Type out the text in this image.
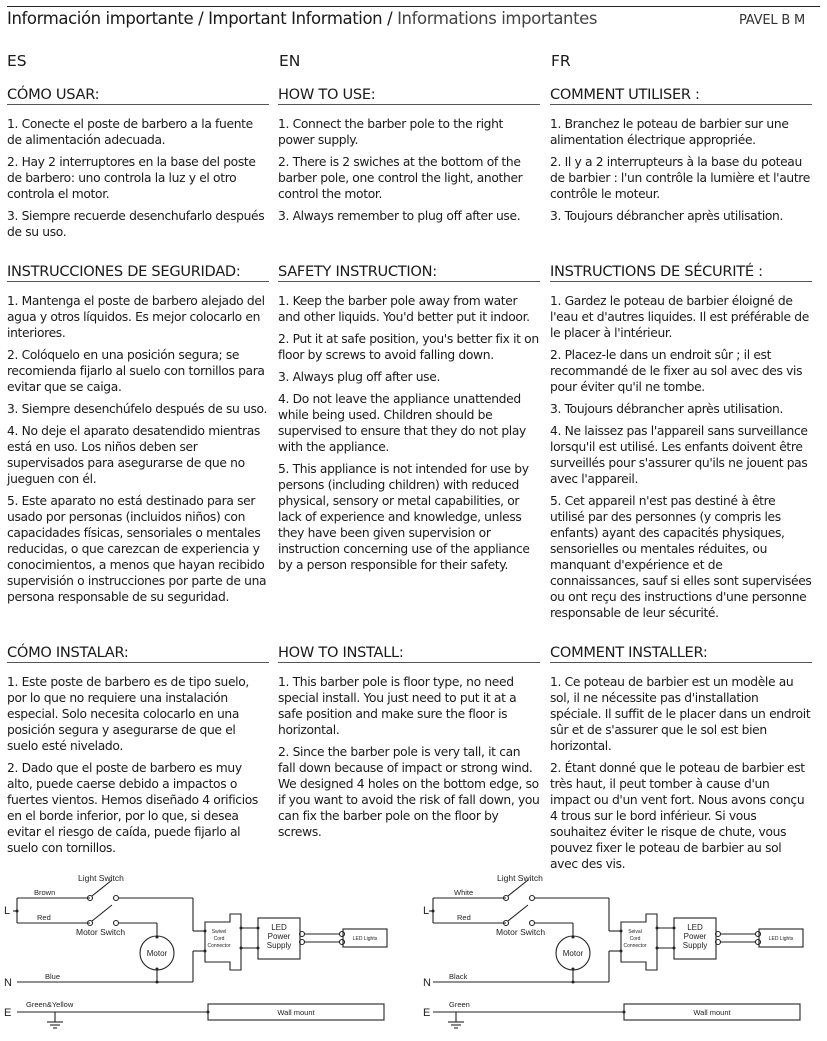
Información importante / Important Information / Informations importantes	PAVEL B M
ES	EN	FR
CÓMO USAR:

1. Conecte el poste de barbero a la fuente de alimentación adecuada.

2. Hay 2 interruptores en la base del poste de barbero: uno controla la luz y el otro controla el motor.

3. Siempre recuerde desenchufarlo después de su uso.

INSTRUCCIONES DE SEGURIDAD:

1. Mantenga el poste de barbero alejado del agua y otros líquidos. Es mejor colocarlo en interiores.

2. Colóquelo en una posición segura; se recomienda fijarlo al suelo con tornillos para evitar que se caiga.

3. Siempre desenchúfelo después de su uso.

4. No deje el aparato desatendido mientras está en uso. Los niños deben ser supervisados para asegurarse de que no jueguen con él.

5. Este aparato no está destinado para ser usado por personas (incluidos niños) con capacidades físicas, sensoriales o mentales reducidas, o que carezcan de experiencia y conocimientos, a menos que hayan recibido supervisión o instrucciones por parte de una persona responsable de su seguridad.

CÓMO INSTALAR:

1. Este poste de barbero es de tipo suelo, por lo que no requiere una instalación especial. Solo necesita colocarlo en una posición segura y asegurarse de que el suelo esté nivelado.

2. Dado que el poste de barbero es muy alto, puede caerse debido a impactos o fuertes vientos. Hemos diseñado 4 orificios en el borde inferior, por lo que, si desea evitar el riesgo de caída, puede fijarlo al suelo con tornillos.

HOW TO USE:

1. Connect the barber pole to the right power supply.

2. There is 2 swiches at the bottom of the barber pole, one control the light, another control the motor.

3. Always remember to plug off after use.

SAFETY INSTRUCTION:

1. Keep the barber pole away from water and other liquids. You'd better put it indoor.

2. Put it at safe position, you's better fix it on floor by screws to avoid falling down.

3. Always plug off after use.

4. Do not leave the appliance unattended while being used. Children should be supervised to ensure that they do not play with the appliance.

5. This appliance is not intended for use by persons (including children) with reduced physical, sensory or metal capabilities, or lack of experience and knowledge, unless they have been given supervision or instruction concerning use of the appliance by a person responsible for their safety.

HOW TO INSTALL:

1. This barber pole is floor type, no need special install. You just need to put it at a safe position and make sure the floor is horizontal.

2. Since the barber pole is very tall, it can fall down because of impact or strong wind. We designed 4 holes on the bottom edge, so if you want to avoid the risk of fall down, you can fix the barber pole on the floor by screws.

COMMENT UTILISER :

1. Branchez le poteau de barbier sur une alimentation électrique appropriée.

2. Il y a 2 interrupteurs à la base du poteau de barbier : l'un contrôle la lumière et l'autre contrôle le moteur.

3. Toujours débrancher après utilisation.

INSTRUCTIONS DE SÉCURITÉ :

1. Gardez le poteau de barbier éloigné de l'eau et d'autres liquides. Il est préférable de le placer à l'intérieur.

2. Placez-le dans un endroit sûr ; il est recommandé de le fixer au sol avec des vis pour éviter qu'il ne tombe.

3. Toujours débrancher après utilisation.

4. Ne laissez pas l'appareil sans surveillance lorsqu'il est utilisé. Les enfants doivent être surveillés pour s'assurer qu'ils ne jouent pas avec l'appareil.

5. Cet appareil n'est pas destiné à être utilisé par des personnes (y compris les enfants) ayant des capacités physiques, sensorielles ou mentales réduites, ou manquant d'expérience et de connaissances, sauf si elles sont supervisées ou ont reçu des instructions d'une personne responsable de leur sécurité.

COMMENT INSTALLER:

1. Ce poteau de barbier est un modèle au sol, il ne nécessite pas d'installation spéciale. Il suffit de le placer dans un endroit sûr et de s'assurer que le sol est bien horizontal.

2. Étant donné que le poteau de barbier est très haut, il peut tomber à cause d'un impact ou d'un vent fort. Nous avons conçu 4 trous sur le bord inférieur. Si vous souhaitez éviter le risque de chute, vous pouvez fixer le poteau de barbier au sol avec des vis.

Light Switch
Motor Switch
L
N
E
Brown
Red
Blue
Green&Yellow
Motor
Swivel
Cord
Connector
LED
Power
Supply
LED Lights
Wall mount
Light Switch
Motor Switch
L
N
E
White
Red
Black
Green
Motor
Seival
Cord
Connector
LED
Power
Supply
LED Lights
Wall mount
